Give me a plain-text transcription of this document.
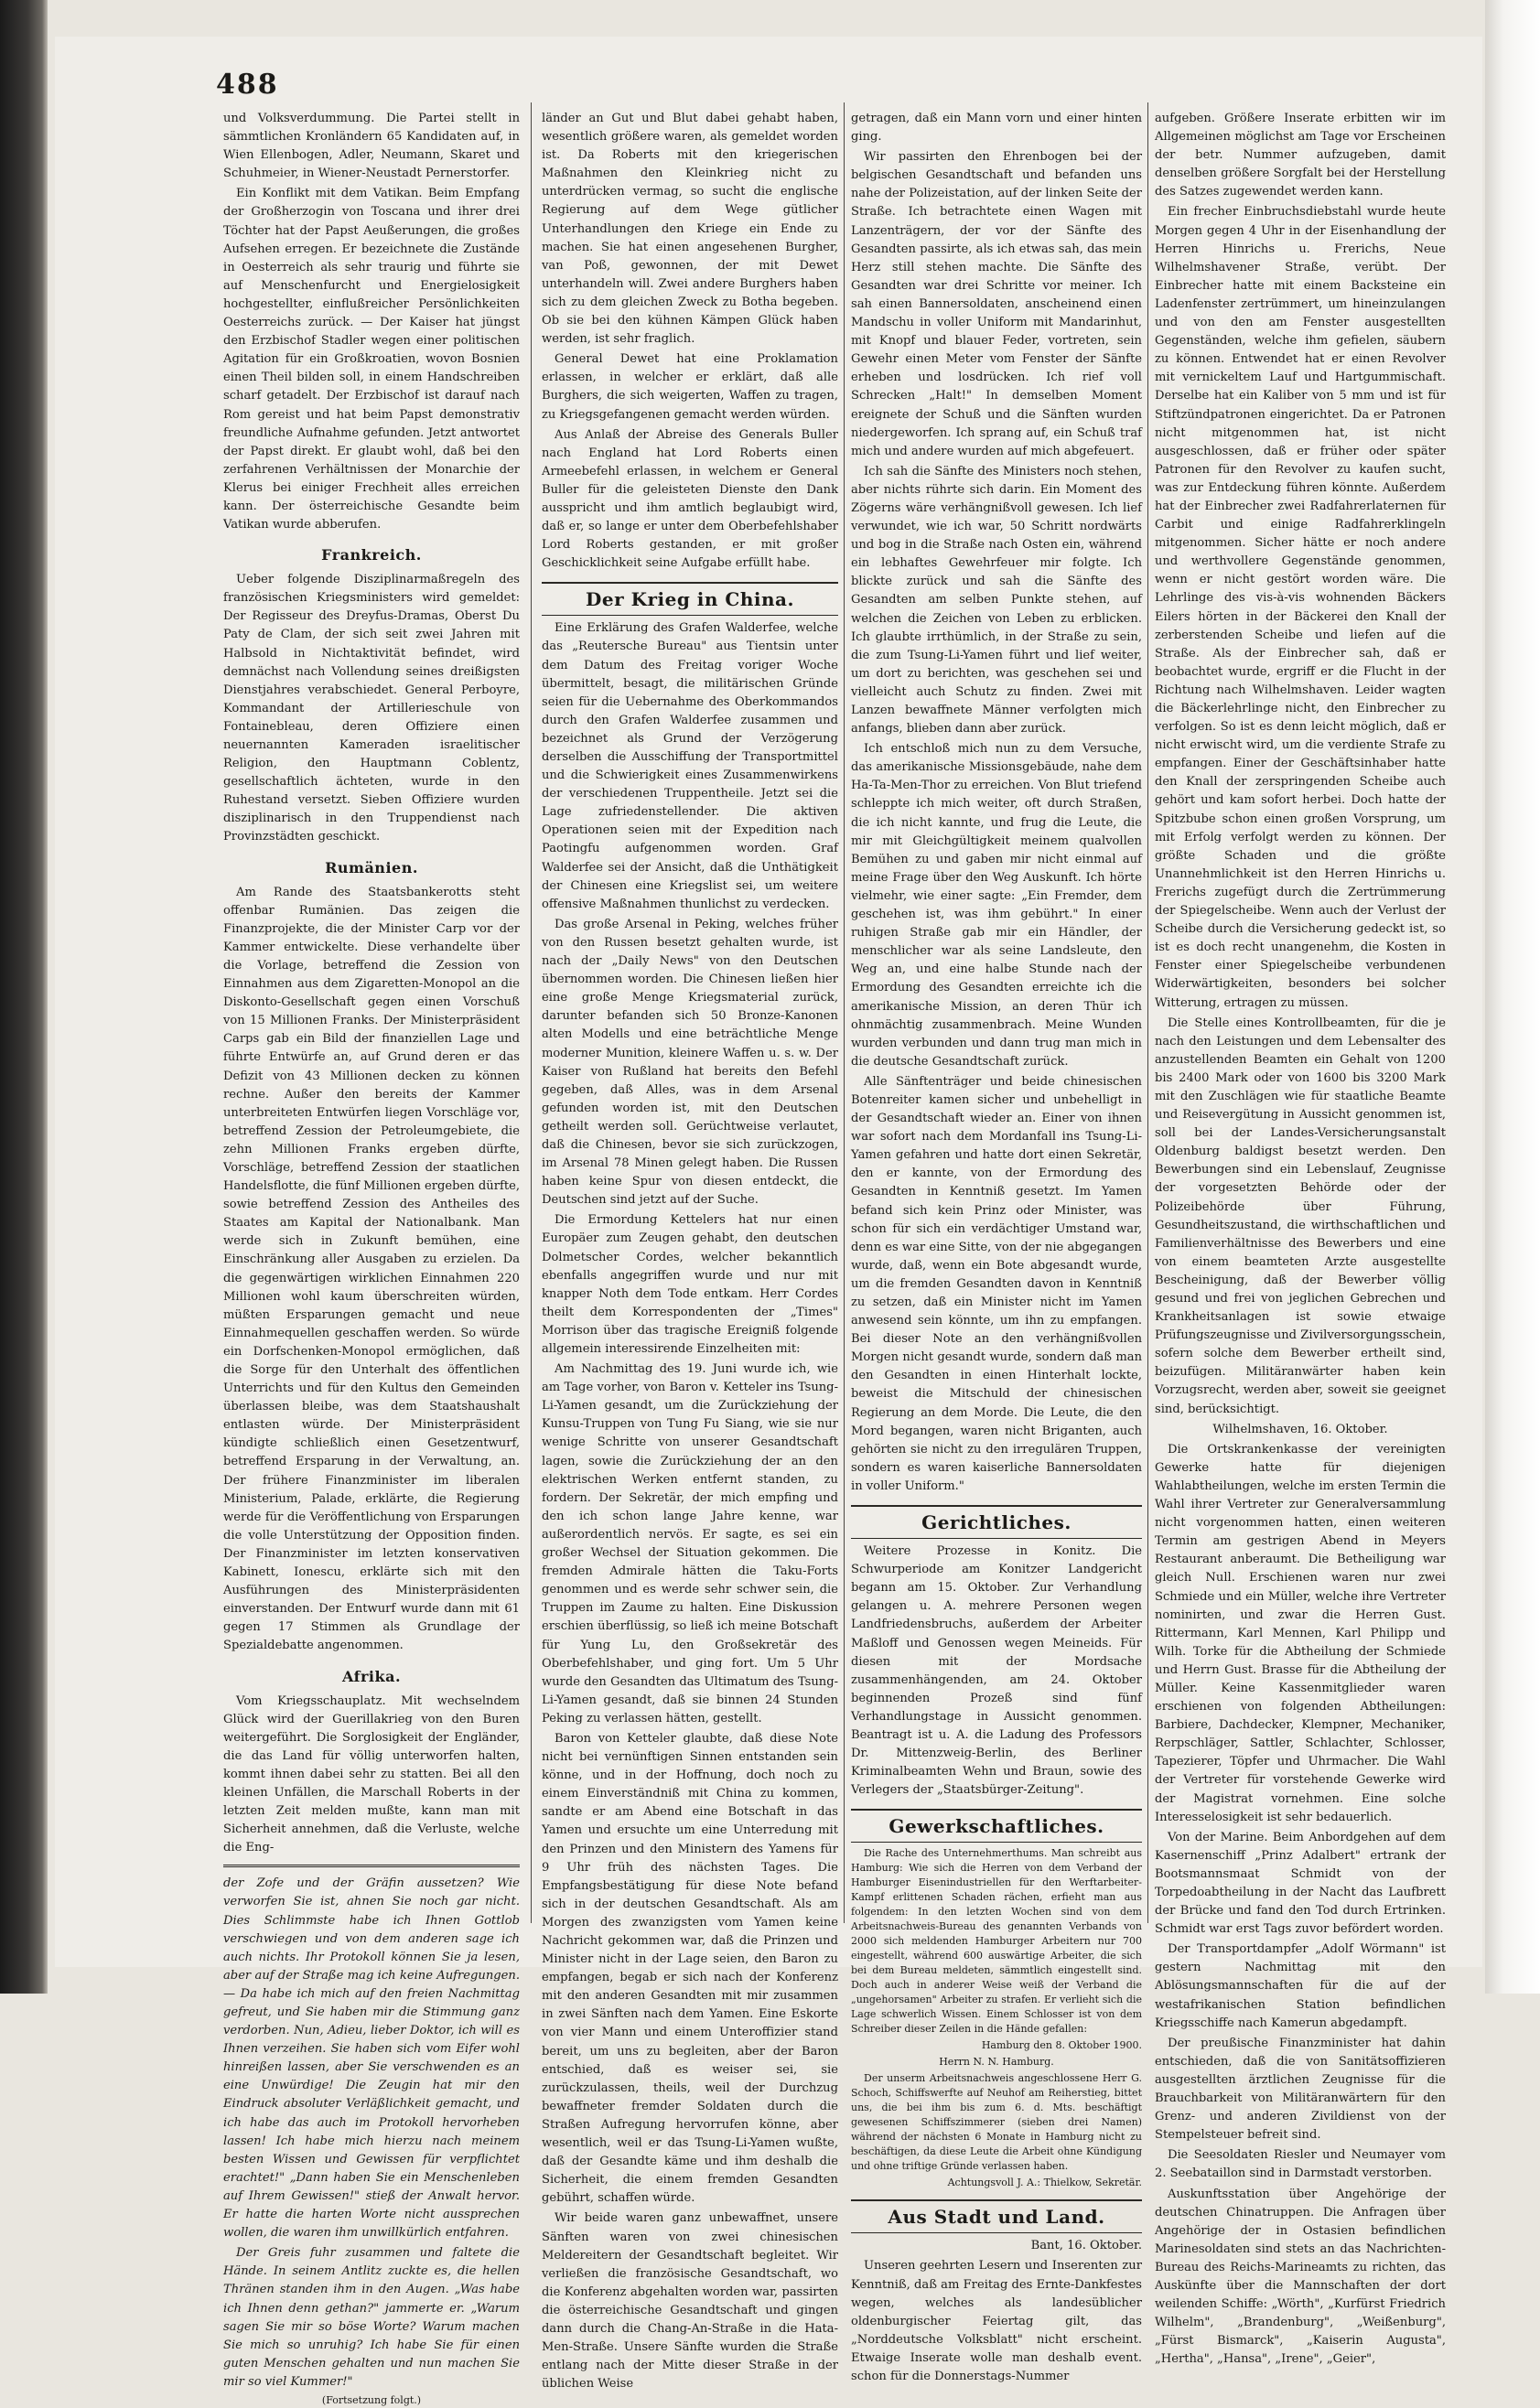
488

und Volksverdummung. Die Partei stellt in sämmtlichen Kronländern 65 Kandidaten auf, in Wien Ellenbogen, Adler, Neumann, Skaret und Schuhmeier, in Wiener-Neustadt Pernerstorfer.

Ein Konflikt mit dem Vatikan. Beim Empfang der Großherzogin von Toscana und ihrer drei Töchter hat der Papst Aeußerungen, die großes Aufsehen erregen. Er bezeichnete die Zustände in Oesterreich als sehr traurig und führte sie auf Menschenfurcht und Energielosigkeit hochgestellter, einflußreicher Persönlichkeiten Oesterreichs zurück. — Der Kaiser hat jüngst den Erzbischof Stadler wegen einer politischen Agitation für ein Großkroatien, wovon Bosnien einen Theil bilden soll, in einem Handschreiben scharf getadelt. Der Erzbischof ist darauf nach Rom gereist und hat beim Papst demonstrativ freundliche Aufnahme gefunden. Jetzt antwortet der Papst direkt. Er glaubt wohl, daß bei den zerfahrenen Verhältnissen der Monarchie der Klerus bei einiger Frechheit alles erreichen kann. Der österreichische Gesandte beim Vatikan wurde abberufen.

Frankreich.

Ueber folgende Disziplinarmaßregeln des französischen Kriegsministers wird gemeldet: Der Regisseur des Dreyfus-Dramas, Oberst Du Paty de Clam, der sich seit zwei Jahren mit Halbsold in Nichtaktivität befindet, wird demnächst nach Vollendung seines dreißigsten Dienstjahres verabschiedet. General Perboyre, Kommandant der Artillerieschule von Fontainebleau, deren Offiziere einen neuernannten Kameraden israelitischer Religion, den Hauptmann Coblentz, gesellschaftlich ächteten, wurde in den Ruhestand versetzt. Sieben Offiziere wurden disziplinarisch in den Truppendienst nach Provinzstädten geschickt.

Rumänien.

Am Rande des Staatsbankerotts steht offenbar Rumänien. Das zeigen die Finanzprojekte, die der Minister Carp vor der Kammer entwickelte. Diese verhandelte über die Vorlage, betreffend die Zession von Einnahmen aus dem Zigaretten-Monopol an die Diskonto-Gesellschaft gegen einen Vorschuß von 15 Millionen Franks. Der Ministerpräsident Carps gab ein Bild der finanziellen Lage und führte Entwürfe an, auf Grund deren er das Defizit von 43 Millionen decken zu können rechne. Außer den bereits der Kammer unterbreiteten Entwürfen liegen Vorschläge vor, betreffend Zession der Petroleumgebiete, die zehn Millionen Franks ergeben dürfte, Vorschläge, betreffend Zession der staatlichen Handelsflotte, die fünf Millionen ergeben dürfte, sowie betreffend Zession des Antheiles des Staates am Kapital der Nationalbank. Man werde sich in Zukunft bemühen, eine Einschränkung aller Ausgaben zu erzielen. Da die gegenwärtigen wirklichen Einnahmen 220 Millionen wohl kaum überschreiten würden, müßten Ersparungen gemacht und neue Einnahmequellen geschaffen werden. So würde ein Dorfschenken-Monopol ermöglichen, daß die Sorge für den Unterhalt des öffentlichen Unterrichts und für den Kultus den Gemeinden überlassen bleibe, was dem Staatshaushalt entlasten würde. Der Ministerpräsident kündigte schließlich einen Gesetzentwurf, betreffend Ersparung in der Verwaltung, an. Der frühere Finanzminister im liberalen Ministerium, Palade, erklärte, die Regierung werde für die Veröffentlichung von Ersparungen die volle Unterstützung der Opposition finden. Der Finanzminister im letzten konservativen Kabinett, Ionescu, erklärte sich mit den Ausführungen des Ministerpräsidenten einverstanden. Der Entwurf wurde dann mit 61 gegen 17 Stimmen als Grundlage der Spezialdebatte angenommen.

Afrika.

Vom Kriegsschauplatz. Mit wechselndem Glück wird der Guerillakrieg von den Buren weitergeführt. Die Sorglosigkeit der Engländer, die das Land für völlig unterworfen halten, kommt ihnen dabei sehr zu statten. Bei all den kleinen Unfällen, die Marschall Roberts in der letzten Zeit melden mußte, kann man mit Sicherheit annehmen, daß die Verluste, welche die Eng-

der Zofe und der Gräfin aussetzen? Wie verworfen Sie ist, ahnen Sie noch gar nicht. Dies Schlimmste habe ich Ihnen Gottlob verschwiegen und von dem anderen sage ich auch nichts. Ihr Protokoll können Sie ja lesen, aber auf der Straße mag ich keine Aufregungen. — Da habe ich mich auf den freien Nachmittag gefreut, und Sie haben mir die Stimmung ganz verdorben. Nun, Adieu, lieber Doktor, ich will es Ihnen verzeihen. Sie haben sich vom Eifer wohl hinreißen lassen, aber Sie verschwenden es an eine Unwürdige! Die Zeugin hat mir den Eindruck absoluter Verläßlichkeit gemacht, und ich habe das auch im Protokoll hervorheben lassen! Ich habe mich hierzu nach meinem besten Wissen und Gewissen für verpflichtet erachtet!" „Dann haben Sie ein Menschenleben auf Ihrem Gewissen!" stieß der Anwalt hervor. Er hatte die harten Worte nicht aussprechen wollen, die waren ihm unwillkürlich entfahren.

Der Greis fuhr zusammen und faltete die Hände. In seinem Antlitz zuckte es, die hellen Thränen standen ihm in den Augen. „Was habe ich Ihnen denn gethan?" jammerte er. „Warum sagen Sie mir so böse Worte? Warum machen Sie mich so unruhig? Ich habe Sie für einen guten Menschen gehalten und nun machen Sie mir so viel Kummer!"

(Fortsetzung folgt.)

länder an Gut und Blut dabei gehabt haben, wesentlich größere waren, als gemeldet worden ist. Da Roberts mit den kriegerischen Maßnahmen den Kleinkrieg nicht zu unterdrücken vermag, so sucht die englische Regierung auf dem Wege gütlicher Unterhandlungen den Kriege ein Ende zu machen. Sie hat einen angesehenen Burgher, van Poß, gewonnen, der mit Dewet unterhandeln will. Zwei andere Burghers haben sich zu dem gleichen Zweck zu Botha begeben. Ob sie bei den kühnen Kämpen Glück haben werden, ist sehr fraglich.

General Dewet hat eine Proklamation erlassen, in welcher er erklärt, daß alle Burghers, die sich weigerten, Waffen zu tragen, zu Kriegsgefangenen gemacht werden würden.

Aus Anlaß der Abreise des Generals Buller nach England hat Lord Roberts einen Armeebefehl erlassen, in welchem er General Buller für die geleisteten Dienste den Dank ausspricht und ihm amtlich beglaubigt wird, daß er, so lange er unter dem Oberbefehlshaber Lord Roberts gestanden, er mit großer Geschicklichkeit seine Aufgabe erfüllt habe.

Der Krieg in China.

Eine Erklärung des Grafen Walderfee, welche das „Reutersche Bureau" aus Tientsin unter dem Datum des Freitag voriger Woche übermittelt, besagt, die militärischen Gründe seien für die Uebernahme des Oberkommandos durch den Grafen Walderfee zusammen und bezeichnet als Grund der Verzögerung derselben die Ausschiffung der Transportmittel und die Schwierigkeit eines Zusammenwirkens der verschiedenen Truppentheile. Jetzt sei die Lage zufriedenstellender. Die aktiven Operationen seien mit der Expedition nach Paotingfu aufgenommen worden. Graf Walderfee sei der Ansicht, daß die Unthätigkeit der Chinesen eine Kriegslist sei, um weitere offensive Maßnahmen thunlichst zu verdecken.

Das große Arsenal in Peking, welches früher von den Russen besetzt gehalten wurde, ist nach der „Daily News" von den Deutschen übernommen worden. Die Chinesen ließen hier eine große Menge Kriegsmaterial zurück, darunter befanden sich 50 Bronze-Kanonen alten Modells und eine beträchtliche Menge moderner Munition, kleinere Waffen u. s. w. Der Kaiser von Rußland hat bereits den Befehl gegeben, daß Alles, was in dem Arsenal gefunden worden ist, mit den Deutschen getheilt werden soll. Gerüchtweise verlautet, daß die Chinesen, bevor sie sich zurückzogen, im Arsenal 78 Minen gelegt haben. Die Russen haben keine Spur von diesen entdeckt, die Deutschen sind jetzt auf der Suche.

Die Ermordung Kettelers hat nur einen Europäer zum Zeugen gehabt, den deutschen Dolmetscher Cordes, welcher bekanntlich ebenfalls angegriffen wurde und nur mit knapper Noth dem Tode entkam. Herr Cordes theilt dem Korrespondenten der „Times" Morrison über das tragische Ereigniß folgende allgemein interessirende Einzelheiten mit:

Am Nachmittag des 19. Juni wurde ich, wie am Tage vorher, von Baron v. Ketteler ins Tsung-Li-Yamen gesandt, um die Zurückziehung der Kunsu-Truppen von Tung Fu Siang, wie sie nur wenige Schritte von unserer Gesandtschaft lagen, sowie die Zurückziehung der an den elektrischen Werken entfernt standen, zu fordern. Der Sekretär, der mich empfing und den ich schon lange Jahre kenne, war außerordentlich nervös. Er sagte, es sei ein großer Wechsel der Situation gekommen. Die fremden Admirale hätten die Taku-Forts genommen und es werde sehr schwer sein, die Truppen im Zaume zu halten. Eine Diskussion erschien überflüssig, so ließ ich meine Botschaft für Yung Lu, den Großsekretär des Oberbefehlshaber, und ging fort. Um 5 Uhr wurde den Gesandten das Ultimatum des Tsung-Li-Yamen gesandt, daß sie binnen 24 Stunden Peking zu verlassen hätten, gestellt.

Baron von Ketteler glaubte, daß diese Note nicht bei vernünftigen Sinnen entstanden sein könne, und in der Hoffnung, doch noch zu einem Einverständniß mit China zu kommen, sandte er am Abend eine Botschaft in das Yamen und ersuchte um eine Unterredung mit den Prinzen und den Ministern des Yamens für 9 Uhr früh des nächsten Tages. Die Empfangsbestätigung für diese Note befand sich in der deutschen Gesandtschaft. Als am Morgen des zwanzigsten vom Yamen keine Nachricht gekommen war, daß die Prinzen und Minister nicht in der Lage seien, den Baron zu empfangen, begab er sich nach der Konferenz mit den anderen Gesandten mit mir zusammen in zwei Sänften nach dem Yamen. Eine Eskorte von vier Mann und einem Unteroffizier stand bereit, um uns zu begleiten, aber der Baron entschied, daß es weiser sei, sie zurückzulassen, theils, weil der Durchzug bewaffneter fremder Soldaten durch die Straßen Aufregung hervorrufen könne, aber wesentlich, weil er das Tsung-Li-Yamen wußte, daß der Gesandte käme und ihm deshalb die Sicherheit, die einem fremden Gesandten gebührt, schaffen würde.

Wir beide waren ganz unbewaffnet, unsere Sänften waren von zwei chinesischen Meldereitern der Gesandtschaft begleitet. Wir verließen die französische Gesandtschaft, wo die Konferenz abgehalten worden war, passirten die österreichische Gesandtschaft und gingen dann durch die Chang-An-Straße in die Hata-Men-Straße. Unsere Sänfte wurden die Straße entlang nach der Mitte dieser Straße in der üblichen Weise

getragen, daß ein Mann vorn und einer hinten ging.

Wir passirten den Ehrenbogen bei der belgischen Gesandtschaft und befanden uns nahe der Polizeistation, auf der linken Seite der Straße. Ich betrachtete einen Wagen mit Lanzenträgern, der vor der Sänfte des Gesandten passirte, als ich etwas sah, das mein Herz still stehen machte. Die Sänfte des Gesandten war drei Schritte vor meiner. Ich sah einen Bannersoldaten, anscheinend einen Mandschu in voller Uniform mit Mandarinhut, mit Knopf und blauer Feder, vortreten, sein Gewehr einen Meter vom Fenster der Sänfte erheben und losdrücken. Ich rief voll Schrecken „Halt!" In demselben Moment ereignete der Schuß und die Sänften wurden niedergeworfen. Ich sprang auf, ein Schuß traf mich und andere wurden auf mich abgefeuert.

Ich sah die Sänfte des Ministers noch stehen, aber nichts rührte sich darin. Ein Moment des Zögerns wäre verhängnißvoll gewesen. Ich lief verwundet, wie ich war, 50 Schritt nordwärts und bog in die Straße nach Osten ein, während ein lebhaftes Gewehrfeuer mir folgte. Ich blickte zurück und sah die Sänfte des Gesandten am selben Punkte stehen, auf welchen die Zeichen von Leben zu erblicken. Ich glaubte irrthümlich, in der Straße zu sein, die zum Tsung-Li-Yamen führt und lief weiter, um dort zu berichten, was geschehen sei und vielleicht auch Schutz zu finden. Zwei mit Lanzen bewaffnete Männer verfolgten mich anfangs, blieben dann aber zurück.

Ich entschloß mich nun zu dem Versuche, das amerikanische Missionsgebäude, nahe dem Ha-Ta-Men-Thor zu erreichen. Von Blut triefend schleppte ich mich weiter, oft durch Straßen, die ich nicht kannte, und frug die Leute, die mir mit Gleichgültigkeit meinem qualvollen Bemühen zu und gaben mir nicht einmal auf meine Frage über den Weg Auskunft. Ich hörte vielmehr, wie einer sagte: „Ein Fremder, dem geschehen ist, was ihm gebührt." In einer ruhigen Straße gab mir ein Händler, der menschlicher war als seine Landsleute, den Weg an, und eine halbe Stunde nach der Ermordung des Gesandten erreichte ich die amerikanische Mission, an deren Thür ich ohnmächtig zusammenbrach. Meine Wunden wurden verbunden und dann trug man mich in die deutsche Gesandtschaft zurück.

Alle Sänftenträger und beide chinesischen Botenreiter kamen sicher und unbehelligt in der Gesandtschaft wieder an. Einer von ihnen war sofort nach dem Mordanfall ins Tsung-Li-Yamen gefahren und hatte dort einen Sekretär, den er kannte, von der Ermordung des Gesandten in Kenntniß gesetzt. Im Yamen befand sich kein Prinz oder Minister, was schon für sich ein verdächtiger Umstand war, denn es war eine Sitte, von der nie abgegangen wurde, daß, wenn ein Bote abgesandt wurde, um die fremden Gesandten davon in Kenntniß zu setzen, daß ein Minister nicht im Yamen anwesend sein könnte, um ihn zu empfangen. Bei dieser Note an den verhängnißvollen Morgen nicht gesandt wurde, sondern daß man den Gesandten in einen Hinterhalt lockte, beweist die Mitschuld der chinesischen Regierung an dem Morde. Die Leute, die den Mord begangen, waren nicht Briganten, auch gehörten sie nicht zu den irregulären Truppen, sondern es waren kaiserliche Bannersoldaten in voller Uniform."

Gerichtliches.

Weitere Prozesse in Konitz. Die Schwurperiode am Konitzer Landgericht begann am 15. Oktober. Zur Verhandlung gelangen u. A. mehrere Personen wegen Landfriedensbruchs, außerdem der Arbeiter Maßloff und Genossen wegen Meineids. Für diesen mit der Mordsache zusammenhängenden, am 24. Oktober beginnenden Prozeß sind fünf Verhandlungstage in Aussicht genommen. Beantragt ist u. A. die Ladung des Professors Dr. Mittenzweig-Berlin, des Berliner Kriminalbeamten Wehn und Braun, sowie des Verlegers der „Staatsbürger-Zeitung".

Gewerkschaftliches.

Die Rache des Unternehmerthums. Man schreibt aus Hamburg: Wie sich die Herren von dem Verband der Hamburger Eisenindustriellen für den Werftarbeiter-Kampf erlittenen Schaden rächen, erfieht man aus folgendem: In den letzten Wochen sind von dem Arbeitsnachweis-Bureau des genannten Verbands von 2000 sich meldenden Hamburger Arbeitern nur 700 eingestellt, während 600 auswärtige Arbeiter, die sich bei dem Bureau meldeten, sämmtlich eingestellt sind. Doch auch in anderer Weise weiß der Verband die „ungehorsamen" Arbeiter zu strafen. Er verlieht sich die Lage schwerlich Wissen. Einem Schlosser ist von dem Schreiber dieser Zeilen in die Hände gefallen:

Hamburg den 8. Oktober 1900.

Herrn N. N. Hamburg.

Der unserm Arbeitsnachweis angeschlossene Herr G. Schoch, Schiffswerfte auf Neuhof am Reiherstieg, bittet uns, die bei ihm bis zum 6. d. Mts. beschäftigt gewesenen Schiffszimmerer (sieben drei Namen) während der nächsten 6 Monate in Hamburg nicht zu beschäftigen, da diese Leute die Arbeit ohne Kündigung und ohne triftige Gründe verlassen haben.

Achtungsvoll J. A.: Thielkow, Sekretär.

Aus Stadt und Land.

Bant, 16. Oktober.

Unseren geehrten Lesern und Inserenten zur Kenntniß, daß am Freitag des Ernte-Dankfestes wegen, welches als landesüblicher oldenburgischer Feiertag gilt, das „Norddeutsche Volksblatt" nicht erscheint. Etwaige Inserate wolle man deshalb event. schon für die Donnerstags-Nummer

aufgeben. Größere Inserate erbitten wir im Allgemeinen möglichst am Tage vor Erscheinen der betr. Nummer aufzugeben, damit denselben größere Sorgfalt bei der Herstellung des Satzes zugewendet werden kann.

Ein frecher Einbruchsdiebstahl wurde heute Morgen gegen 4 Uhr in der Eisenhandlung der Herren Hinrichs u. Frerichs, Neue Wilhelmshavener Straße, verübt. Der Einbrecher hatte mit einem Backsteine ein Ladenfenster zertrümmert, um hineinzulangen und von den am Fenster ausgestellten Gegenständen, welche ihm gefielen, säubern zu können. Entwendet hat er einen Revolver mit vernickeltem Lauf und Hartgummischaft. Derselbe hat ein Kaliber von 5 mm und ist für Stiftzündpatronen eingerichtet. Da er Patronen nicht mitgenommen hat, ist nicht ausgeschlossen, daß er früher oder später Patronen für den Revolver zu kaufen sucht, was zur Entdeckung führen könnte. Außerdem hat der Einbrecher zwei Radfahrerlaternen für Carbit und einige Radfahrerklingeln mitgenommen. Sicher hätte er noch andere und werthvollere Gegenstände genommen, wenn er nicht gestört worden wäre. Die Lehrlinge des vis-à-vis wohnenden Bäckers Eilers hörten in der Bäckerei den Knall der zerberstenden Scheibe und liefen auf die Straße. Als der Einbrecher sah, daß er beobachtet wurde, ergriff er die Flucht in der Richtung nach Wilhelmshaven. Leider wagten die Bäckerlehrlinge nicht, den Einbrecher zu verfolgen. So ist es denn leicht möglich, daß er nicht erwischt wird, um die verdiente Strafe zu empfangen. Einer der Geschäftsinhaber hatte den Knall der zerspringenden Scheibe auch gehört und kam sofort herbei. Doch hatte der Spitzbube schon einen großen Vorsprung, um mit Erfolg verfolgt werden zu können. Der größte Schaden und die größte Unannehmlichkeit ist den Herren Hinrichs u. Frerichs zugefügt durch die Zertrümmerung der Spiegelscheibe. Wenn auch der Verlust der Scheibe durch die Versicherung gedeckt ist, so ist es doch recht unangenehm, die Kosten in Fenster einer Spiegelscheibe verbundenen Widerwärtigkeiten, besonders bei solcher Witterung, ertragen zu müssen.

Die Stelle eines Kontrollbeamten, für die je nach den Leistungen und dem Lebensalter des anzustellenden Beamten ein Gehalt von 1200 bis 2400 Mark oder von 1600 bis 3200 Mark mit den Zuschlägen wie für staatliche Beamte und Reisevergütung in Aussicht genommen ist, soll bei der Landes-Versicherungsanstalt Oldenburg baldigst besetzt werden. Den Bewerbungen sind ein Lebenslauf, Zeugnisse der vorgesetzten Behörde oder der Polizeibehörde über Führung, Gesundheitszustand, die wirthschaftlichen und Familienverhältnisse des Bewerbers und eine von einem beamteten Arzte ausgestellte Bescheinigung, daß der Bewerber völlig gesund und frei von jeglichen Gebrechen und Krankheitsanlagen ist sowie etwaige Prüfungszeugnisse und Zivilversorgungsschein, sofern solche dem Bewerber ertheilt sind, beizufügen. Militäranwärter haben kein Vorzugsrecht, werden aber, soweit sie geeignet sind, berücksichtigt.

Wilhelmshaven, 16. Oktober.

Die Ortskrankenkasse der vereinigten Gewerke hatte für diejenigen Wahlabtheilungen, welche im ersten Termin die Wahl ihrer Vertreter zur Generalversammlung nicht vorgenommen hatten, einen weiteren Termin am gestrigen Abend in Meyers Restaurant anberaumt. Die Betheiligung war gleich Null. Erschienen waren nur zwei Schmiede und ein Müller, welche ihre Vertreter nominirten, und zwar die Herren Gust. Rittermann, Karl Mennen, Karl Philipp und Wilh. Torke für die Abtheilung der Schmiede und Herrn Gust. Brasse für die Abtheilung der Müller. Keine Kassenmitglieder waren erschienen von folgenden Abtheilungen: Barbiere, Dachdecker, Klempner, Mechaniker, Rerpschläger, Sattler, Schlachter, Schlosser, Tapezierer, Töpfer und Uhrmacher. Die Wahl der Vertreter für vorstehende Gewerke wird der Magistrat vornehmen. Eine solche Interesselosigkeit ist sehr bedauerlich.

Von der Marine. Beim Anbordgehen auf dem Kasernenschiff „Prinz Adalbert" ertrank der Bootsmannsmaat Schmidt von der Torpedoabtheilung in der Nacht das Laufbrett der Brücke und fand den Tod durch Ertrinken. Schmidt war erst Tags zuvor befördert worden.

Der Transportdampfer „Adolf Wörmann" ist gestern Nachmittag mit den Ablösungsmannschaften für die auf der westafrikanischen Station befindlichen Kriegsschiffe nach Kamerun abgedampft.

Der preußische Finanzminister hat dahin entschieden, daß die von Sanitätsoffizieren ausgestellten ärztlichen Zeugnisse für die Brauchbarkeit von Militäranwärtern für den Grenz- und anderen Zivildienst von der Stempelsteuer befreit sind.

Die Seesoldaten Riesler und Neumayer vom 2. Seebataillon sind in Darmstadt verstorben.

Auskunftsstation über Angehörige der deutschen Chinatruppen. Die Anfragen über Angehörige der in Ostasien befindlichen Marinesoldaten sind stets an das Nachrichten-Bureau des Reichs-Marineamts zu richten, das Auskünfte über die Mannschaften der dort weilenden Schiffe: „Wörth", „Kurfürst Friedrich Wilhelm", „Brandenburg", „Weißenburg", „Fürst Bismarck", „Kaiserin Augusta", „Hertha", „Hansa", „Irene", „Geier",
